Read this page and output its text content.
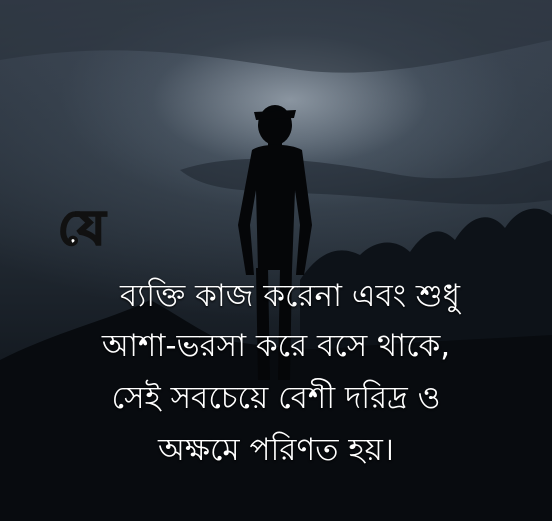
যে
ব্যক্তি কাজ করেনা এবং শুধু
আশা-ভরসা করে বসে থাকে,
সেই সবচেয়ে বেশী দরিদ্র ও
অক্ষমে পরিণত হয়।
